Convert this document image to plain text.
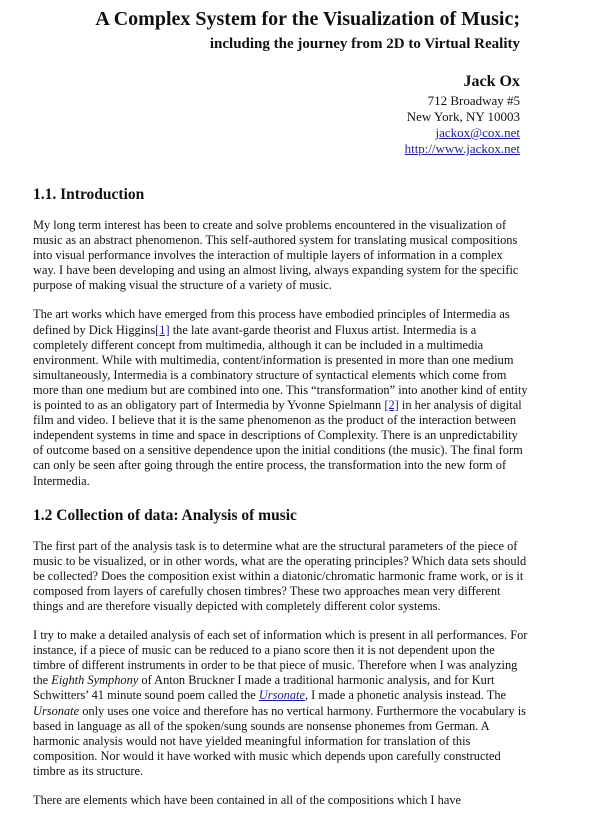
A Complex System for the Visualization of Music;
including the journey from 2D to Virtual Reality
Jack Ox
712 Broadway #5
New York, NY 10003
jackox@cox.net
http://www.jackox.net
1.1. Introduction

My long term interest has been to create and solve problems encountered in the visualization of music as an abstract phenomenon. This self-authored system for translating musical compositions into visual performance involves the interaction of multiple layers of information in a complex way. I have been developing and using an almost living, always expanding system for the specific purpose of making visual the structure of a variety of music.

The art works which have emerged from this process have embodied principles of Intermedia as defined by Dick Higgins[1] the late avant-garde theorist and Fluxus artist. Intermedia is a completely different concept from multimedia, although it can be included in a multimedia environment. While with multimedia, content/information is presented in more than one medium simultaneously, Intermedia is a combinatory structure of syntactical elements which come from more than one medium but are combined into one. This “transformation” into another kind of entity is pointed to as an obligatory part of Intermedia by Yvonne Spielmann [2] in her analysis of digital film and video. I believe that it is the same phenomenon as the product of the interaction between independent systems in time and space in descriptions of Complexity. There is an unpredictability of outcome based on a sensitive dependence upon the initial conditions (the music). The final form can only be seen after going through the entire process, the transformation into the new form of Intermedia.

1.2 Collection of data: Analysis of music

The first part of the analysis task is to determine what are the structural parameters of the piece of music to be visualized, or in other words, what are the operating principles? Which data sets should be collected? Does the composition exist within a diatonic/chromatic harmonic frame work, or is it composed from layers of carefully chosen timbres? These two approaches mean very different things and are therefore visually depicted with completely different color systems.

I try to make a detailed analysis of each set of information which is present in all performances. For instance, if a piece of music can be reduced to a piano score then it is not dependent upon the timbre of different instruments in order to be that piece of music. Therefore when I was analyzing the Eighth Symphony of Anton Bruckner I made a traditional harmonic analysis, and for Kurt Schwitters’ 41 minute sound poem called the Ursonate, I made a phonetic analysis instead. The Ursonate only uses one voice and therefore has no vertical harmony. Furthermore the vocabulary is based in language as all of the spoken/sung sounds are nonsense phonemes from German. A harmonic analysis would not have yielded meaningful information for translation of this composition. Nor would it have worked with music which depends upon carefully constructed timbre as its structure.

There are elements which have been contained in all of the compositions which I have
